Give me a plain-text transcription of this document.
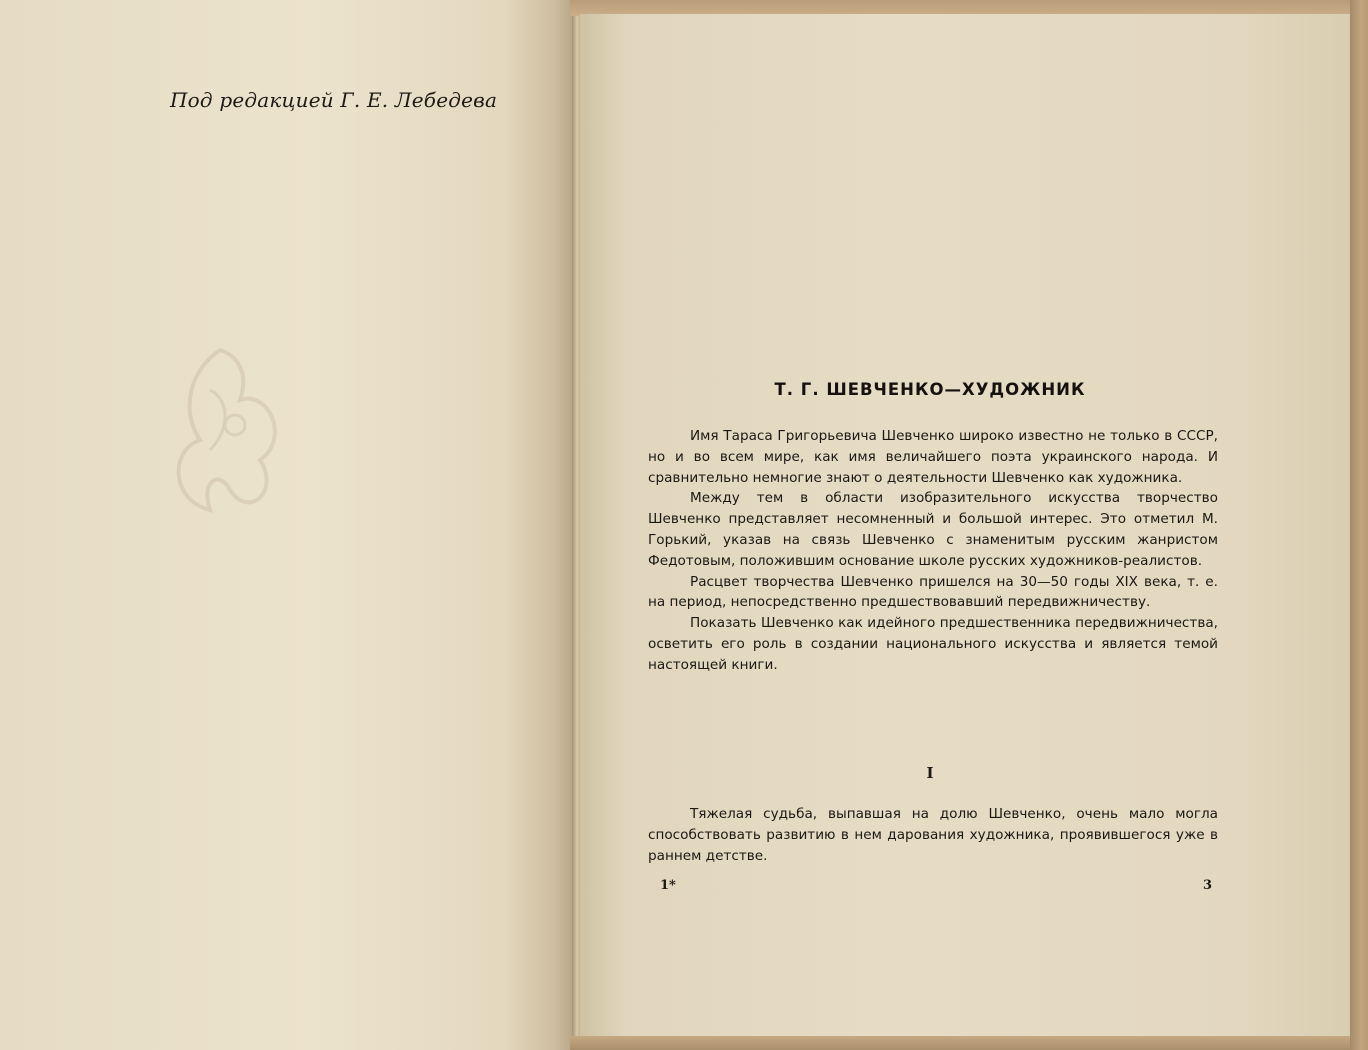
Под редакцией Г. Е. Лебедева
Т. Г. ШЕВЧЕНКО—ХУДОЖНИК

Имя Тараса Григорьевича Шевченко широко известно не только в СССР, но и во всем мире, как имя величайшего поэта украинского народа. И сравнительно немногие знают о деятельности Шевченко как художника.

Между тем в области изобразительного искусства творчество Шевченко представляет несомненный и большой интерес. Это отметил М. Горький, указав на связь Шевченко с знаменитым русским жанристом Федотовым, положившим основание школе русских художников-реалистов.

Расцвет творчества Шевченко пришелся на 30—50 годы XIX века, т. е. на период, непосредственно предшествовавший передвижничеству.

Показать Шевченко как идейного предшественника передвижничества, осветить его роль в создании национального искусства и является темой настоящей книги.

I

Тяжелая судьба, выпавшая на долю Шевченко, очень мало могла способствовать развитию в нем дарования художника, проявившегося уже в раннем детстве.

1*	3
